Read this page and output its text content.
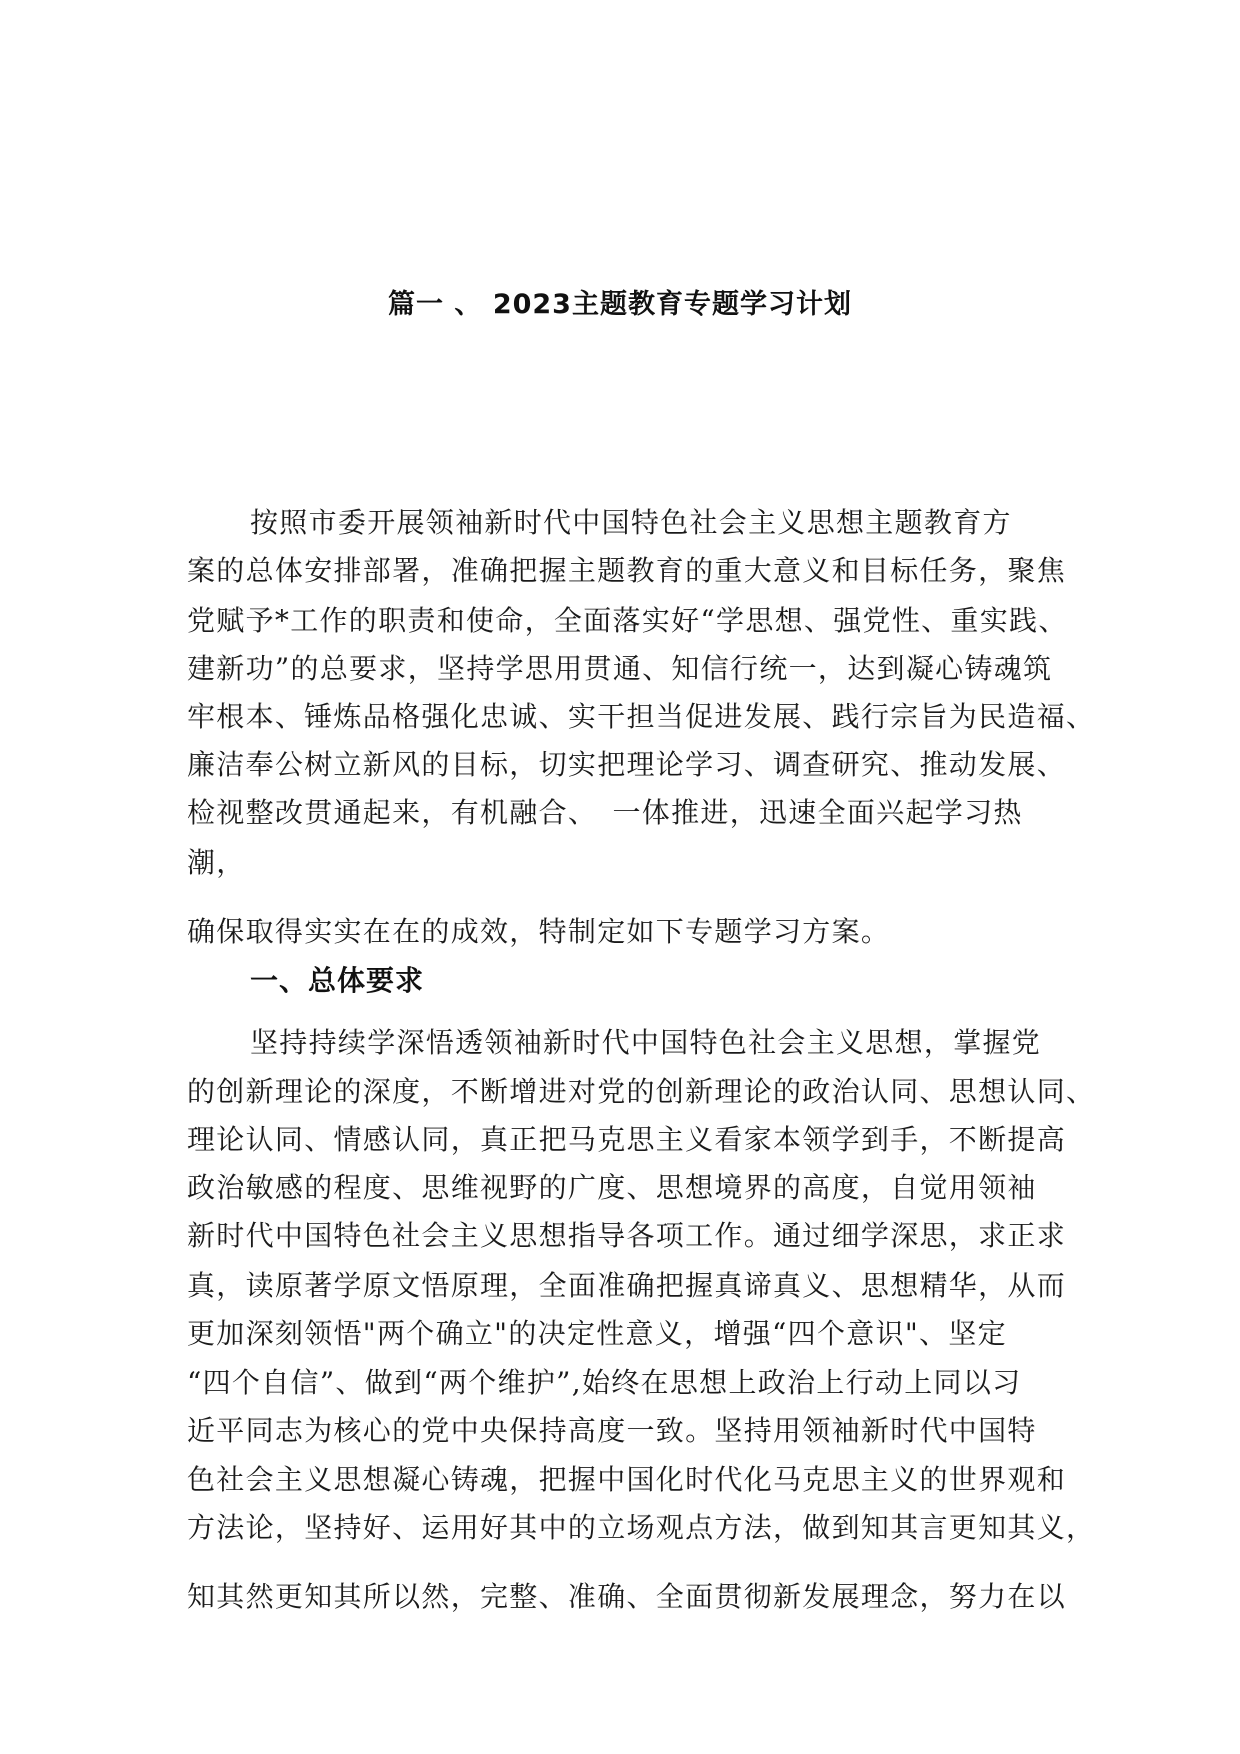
篇一 、 2023主题教育专题学习计划
按照市委开展领袖新时代中国特色社会主义思想主题教育方
案的总体安排部署，准确把握主题教育的重大意义和目标任务，聚焦
党赋予*工作的职责和使命，全面落实好“学思想、强党性、重实践、
建新功”的总要求，坚持学思用贯通、知信行统一，达到凝心铸魂筑
牢根本、锤炼品格强化忠诚、实干担当促进发展、践行宗旨为民造福、
廉洁奉公树立新风的目标，切实把理论学习、调查研究、推动发展、
检视整改贯通起来，有机融合、　一体推进，迅速全面兴起学习热
潮，
确保取得实实在在的成效，特制定如下专题学习方案。
一、总体要求
坚持持续学深悟透领袖新时代中国特色社会主义思想，掌握党
的创新理论的深度，不断增进对党的创新理论的政治认同、思想认同、
理论认同、情感认同，真正把马克思主义看家本领学到手，不断提高
政治敏感的程度、思维视野的广度、思想境界的高度，自觉用领袖
新时代中国特色社会主义思想指导各项工作。通过细学深思，求正求
真，读原著学原文悟原理，全面准确把握真谛真义、思想精华，从而
更加深刻领悟"两个确立"的决定性意义，增强“四个意识"、坚定
“四个自信”、做到“两个维护”,始终在思想上政治上行动上同以习
近平同志为核心的党中央保持高度一致。坚持用领袖新时代中国特
色社会主义思想凝心铸魂，把握中国化时代化马克思主义的世界观和
方法论，坚持好、运用好其中的立场观点方法，做到知其言更知其义，
知其然更知其所以然，完整、准确、全面贯彻新发展理念，努力在以
